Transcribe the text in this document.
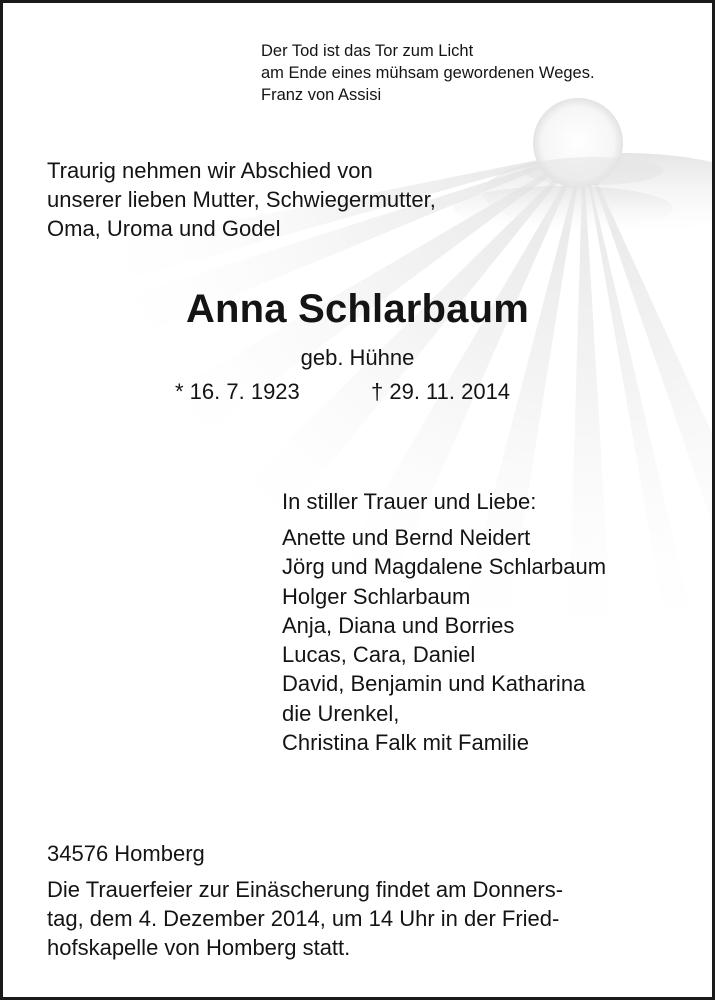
Der Tod ist das Tor zum Licht
am Ende eines mühsam gewordenen Weges.
Franz von Assisi
Traurig nehmen wir Abschied von
unserer lieben Mutter, Schwiegermutter,
Oma, Uroma und Godel
Anna Schlarbaum
geb. Hühne
* 16. 7. 1923	† 29. 11. 2014
In stiller Trauer und Liebe:
Anette und Bernd Neidert
Jörg und Magdalene Schlarbaum
Holger Schlarbaum
Anja, Diana und Borries
Lucas, Cara, Daniel
David, Benjamin und Katharina
die Urenkel,
Christina Falk mit Familie
34576 Homberg
Die Trauerfeier zur Einäscherung findet am Donners-
tag, dem 4. Dezember 2014, um 14 Uhr in der Fried-
hofskapelle von Homberg statt.
